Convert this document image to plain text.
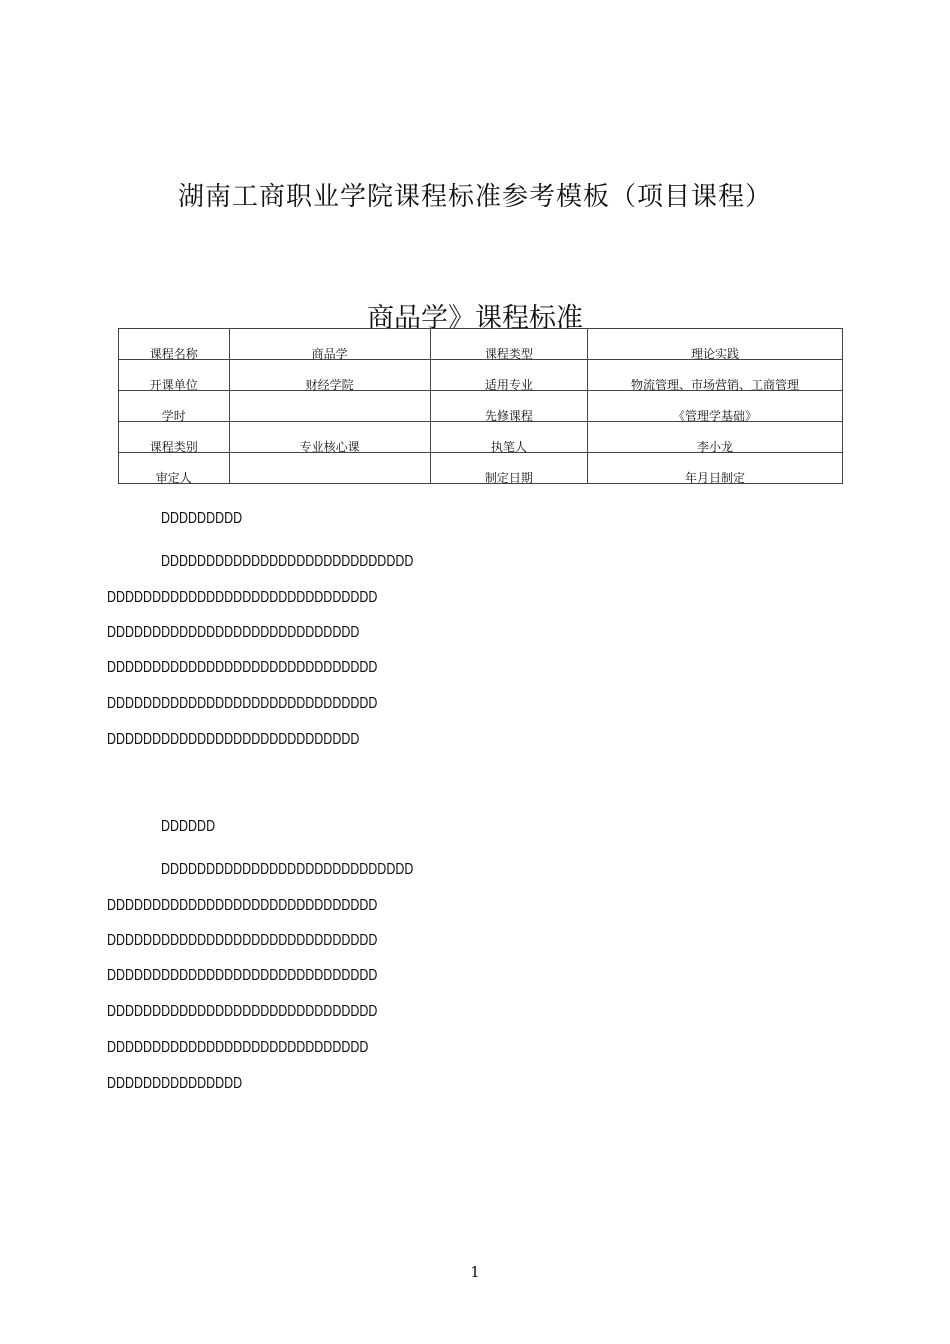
湖南工商职业学院课程标准参考模板（项目课程）
商品学》课程标准
课程名称	商品学	课程类型	理论实践
开课单位	财经学院	适用专业	物流管理、市场营销、工商管理
学时		先修课程	《管理学基础》
课程类别	专业核心课	执笔人	李小龙
审定人		制定日期	年月日制定
DDDDDDDDD
DDDDDDDDDDDDDDDDDDDDDDDDDDDD
DDDDDDDDDDDDDDDDDDDDDDDDDDDDDD
DDDDDDDDDDDDDDDDDDDDDDDDDDDD
DDDDDDDDDDDDDDDDDDDDDDDDDDDDDD
DDDDDDDDDDDDDDDDDDDDDDDDDDDDDD
DDDDDDDDDDDDDDDDDDDDDDDDDDDD
DDDDDD
DDDDDDDDDDDDDDDDDDDDDDDDDDDD
DDDDDDDDDDDDDDDDDDDDDDDDDDDDDD
DDDDDDDDDDDDDDDDDDDDDDDDDDDDDD
DDDDDDDDDDDDDDDDDDDDDDDDDDDDDD
DDDDDDDDDDDDDDDDDDDDDDDDDDDDDD
DDDDDDDDDDDDDDDDDDDDDDDDDDDDD
DDDDDDDDDDDDDDD
1
